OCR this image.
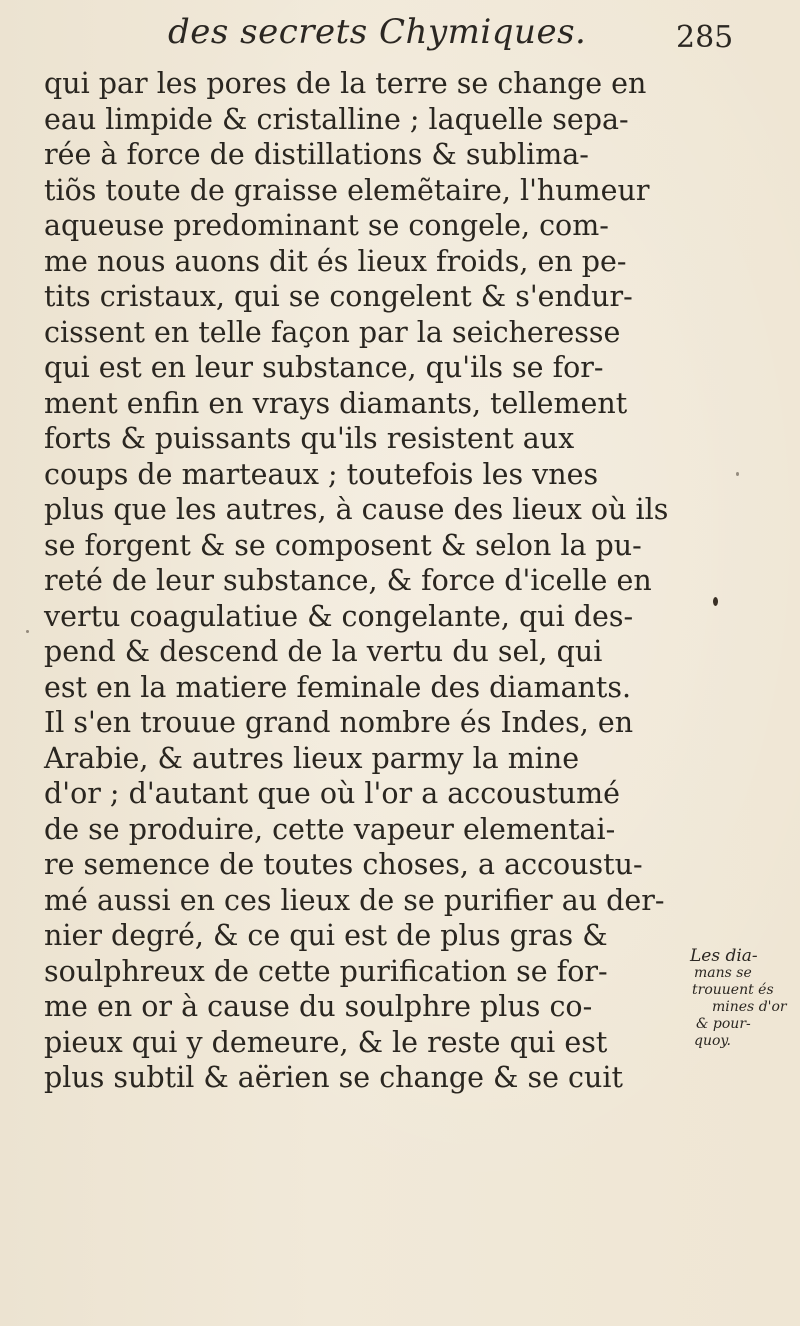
des secrets Chymiques.	285
qui par les pores de la terre se change en
eau limpide & cristalline ; laquelle sepa-
rée à force de distillations & sublima-
tiõs toute de graisse elemẽtaire, l'humeur
aqueuse predominant se congele, com-
me nous auons dit és lieux froids, en pe-
tits cristaux, qui se congelent & s'endur-
cissent en telle façon par la seicheresse
qui est en leur substance, qu'ils se for-
ment enfin en vrays diamants, tellement
forts & puissants qu'ils resistent aux
coups de marteaux ; toutefois les vnes
plus que les autres, à cause des lieux où ils
se forgent & se composent & selon la pu-
reté de leur substance, & force d'icelle en
vertu coagulatiue & congelante, qui des-
pend & descend de la vertu du sel, qui
est en la matiere feminale des diamants.
Il s'en trouue grand nombre és Indes, en
Arabie, & autres lieux parmy la mine
d'or ; d'autant que où l'or a accoustumé
de se produire, cette vapeur elementai-
re semence de toutes choses, a accoustu-
mé aussi en ces lieux de se purifier au der-
nier degré, & ce qui est de plus gras &
soulphreux de cette purification se for-
me en or à cause du soulphre plus co-
pieux qui y demeure, & le reste qui est
plus subtil & aërien se change & se cuit
Les dia-
mans se
trouuent és
mines d'or
& pour-
quoy.
